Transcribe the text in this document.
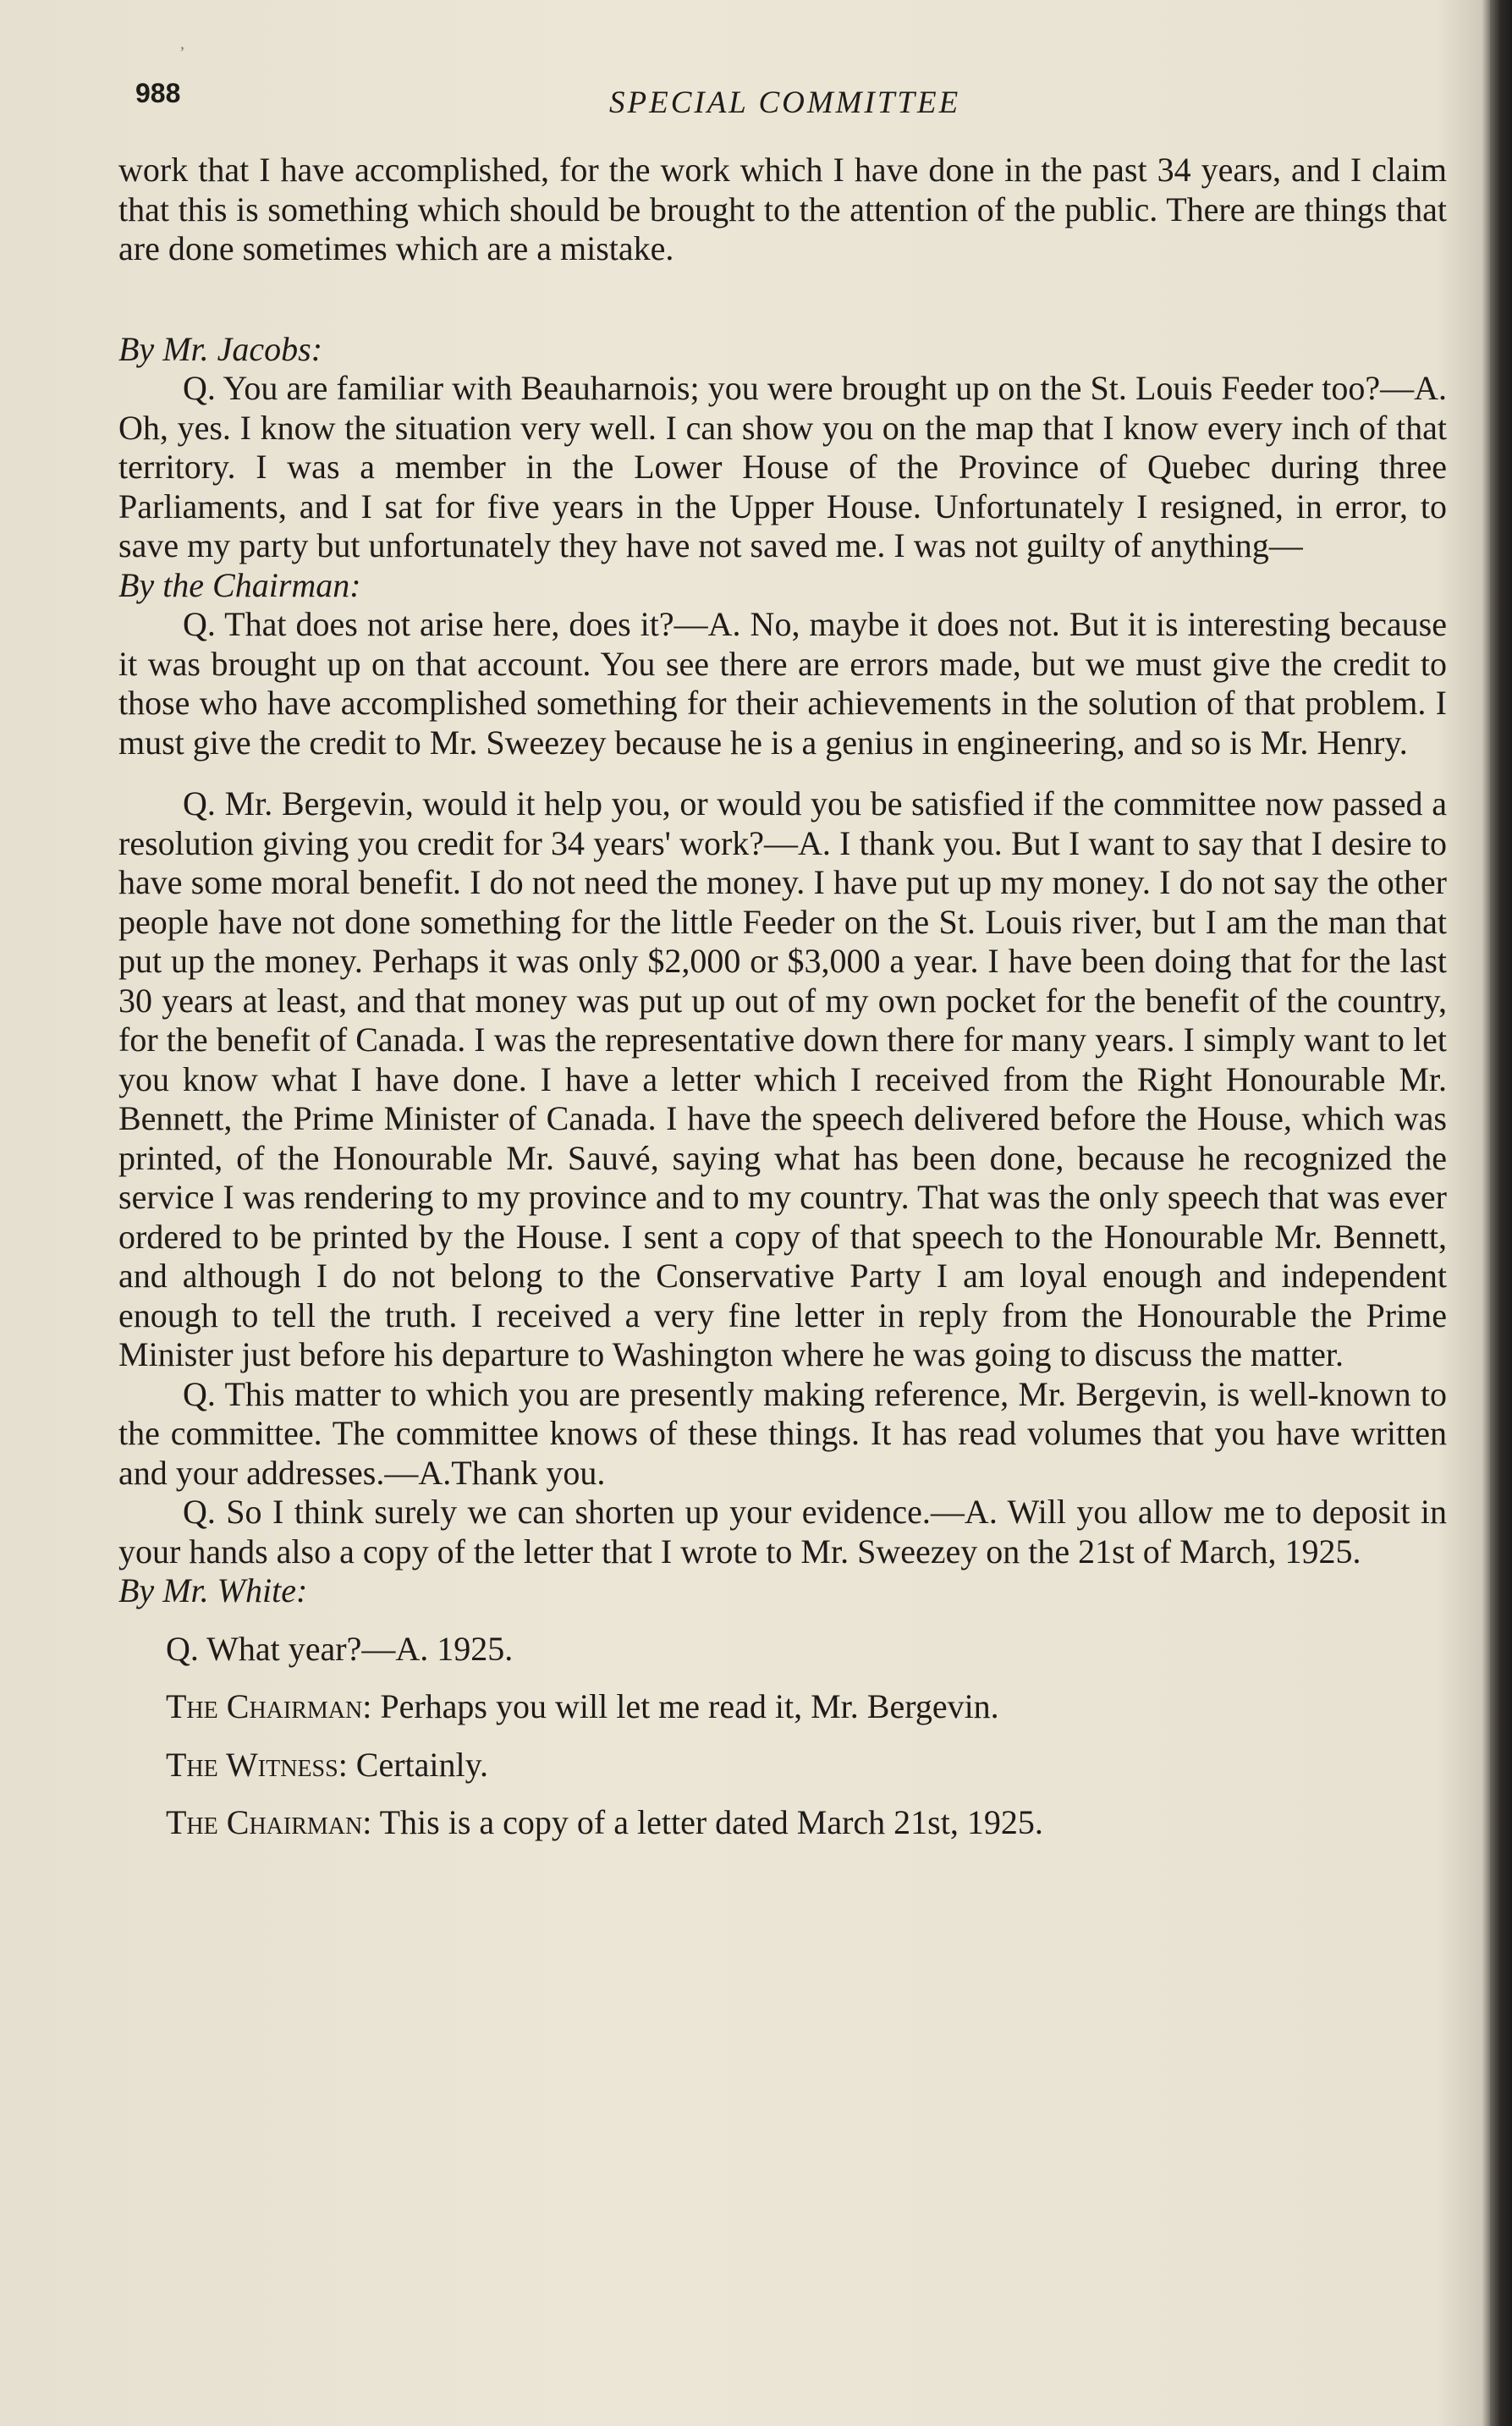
ʼ
988	SPECIAL COMMITTEE

work that I have accomplished, for the work which I have done in the past 34 years, and I claim that this is something which should be brought to the attention of the public. There are things that are done sometimes which are a mistake.

By Mr. Jacobs:

Q. You are familiar with Beauharnois; you were brought up on the St. Louis Feeder too?—A. Oh, yes. I know the situation very well. I can show you on the map that I know every inch of that territory. I was a member in the Lower House of the Province of Quebec during three Parliaments, and I sat for five years in the Upper House. Unfortunately I resigned, in error, to save my party but unfortunately they have not saved me. I was not guilty of anything—

By the Chairman:

Q. That does not arise here, does it?—A. No, maybe it does not. But it is interesting because it was brought up on that account. You see there are errors made, but we must give the credit to those who have accomplished something for their achievements in the solution of that problem. I must give the credit to Mr. Sweezey because he is a genius in engineering, and so is Mr. Henry.

Q. Mr. Bergevin, would it help you, or would you be satisfied if the committee now passed a resolution giving you credit for 34 years' work?—A. I thank you. But I want to say that I desire to have some moral benefit. I do not need the money. I have put up my money. I do not say the other people have not done something for the little Feeder on the St. Louis river, but I am the man that put up the money. Perhaps it was only $2,000 or $3,000 a year. I have been doing that for the last 30 years at least, and that money was put up out of my own pocket for the benefit of the country, for the benefit of Canada. I was the representative down there for many years. I simply want to let you know what I have done. I have a letter which I received from the Right Honourable Mr. Bennett, the Prime Minister of Canada. I have the speech delivered before the House, which was printed, of the Honourable Mr. Sauvé, saying what has been done, because he recognized the service I was rendering to my province and to my country. That was the only speech that was ever ordered to be printed by the House. I sent a copy of that speech to the Honourable Mr. Bennett, and although I do not belong to the Conservative Party I am loyal enough and independent enough to tell the truth. I received a very fine letter in reply from the Honourable the Prime Minister just before his departure to Washington where he was going to discuss the matter.

Q. This matter to which you are presently making reference, Mr. Bergevin, is well-known to the committee. The committee knows of these things. It has read volumes that you have written and your addresses.—A.Thank you.

Q. So I think surely we can shorten up your evidence.—A. Will you allow me to deposit in your hands also a copy of the letter that I wrote to Mr. Sweezey on the 21st of March, 1925.

By Mr. White:

Q. What year?—A. 1925.

The Chairman: Perhaps you will let me read it, Mr. Bergevin.

The Witness: Certainly.

The Chairman: This is a copy of a letter dated March 21st, 1925.
